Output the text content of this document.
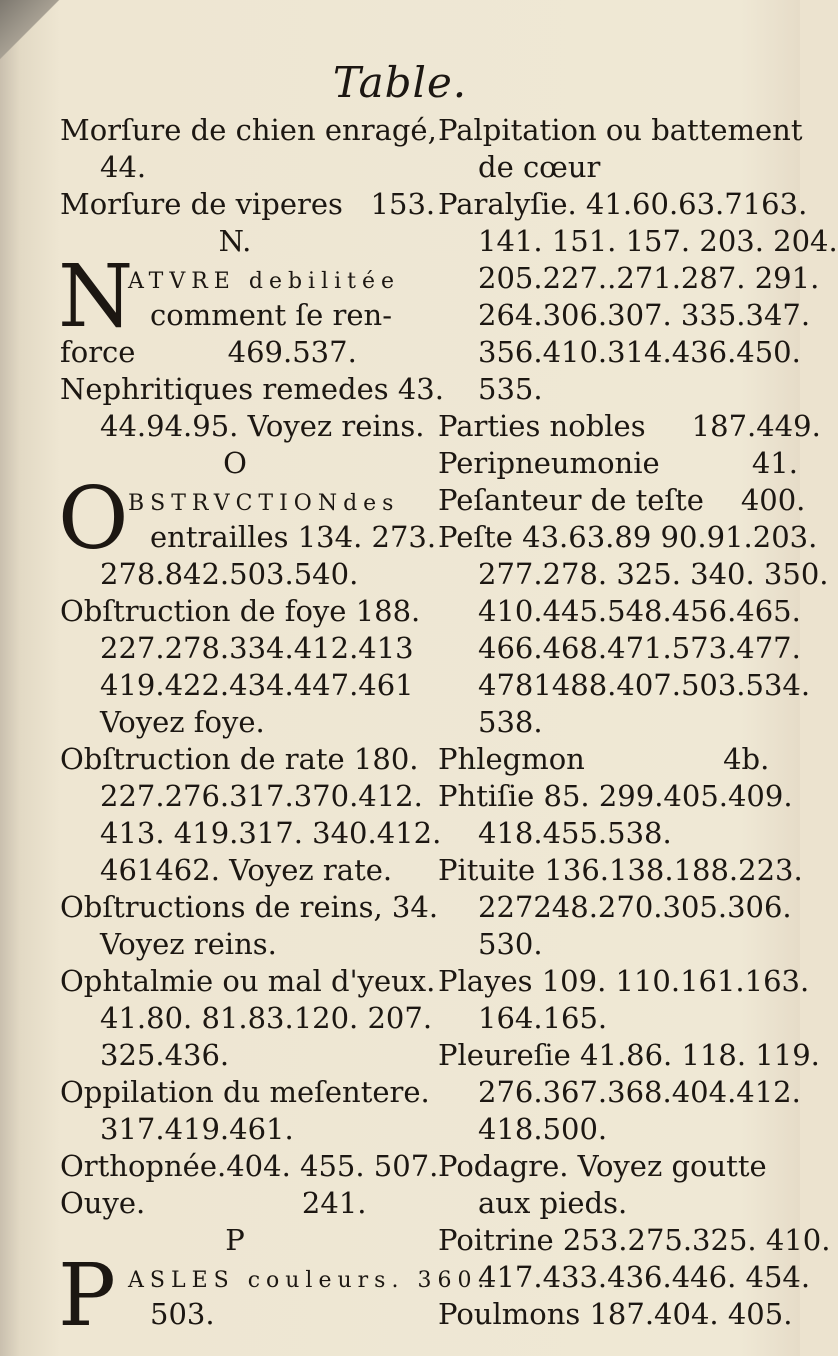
Table.
Morſure de chien enragé,
44.
Morſure de viperes   153.
N.
N
ATVRE debilitée
comment ſe ren-
force          469.537.
Nephritiques remedes 43.
44.94.95. Voyez reins.
O
O BSTRVCTIONdes
entrailles 134. 273.
278.842.503.540.
Obſtruction de foye 188.
227.278.334.412.413
419.422.434.447.461
Voyez foye.
Obſtruction de rate 180.
227.276.317.370.412.
413. 419.317. 340.412.
461462. Voyez rate.
Obſtructions de reins, 34.
Voyez reins.
Ophtalmie ou mal d'yeux.
41.80. 81.83.120. 207.
325.436.
Oppilation du meſentere.
317.419.461.
Orthopnée.404. 455. 507.
Ouye.                 241.
P
P ASLES couleurs. 360.
503.
Palpitation ou battement
de cœur
Paralyſie. 41.60.63.7163.
141. 151. 157. 203. 204.
205.227..271.287. 291.
264.306.307. 335.347.
356.410.314.436.450.
535.
Parties nobles     187.449.
Peripneumonie          41.
Peſanteur de teſte    400.
Peſte 43.63.89 90.91.203.
277.278. 325. 340. 350.
410.445.548.456.465.
466.468.471.573.477.
4781488.407.503.534.
538.
Phlegmon               4b.
Phtiſie 85. 299.405.409.
418.455.538.
Pituite 136.138.188.223.
227248.270.305.306.
530.
Playes 109. 110.161.163.
164.165.
Pleureſie 41.86. 118. 119.
276.367.368.404.412.
418.500.
Podagre. Voyez goutte
aux pieds.
Poitrine 253.275.325. 410.
417.433.436.446. 454.
Poulmons 187.404. 405.
